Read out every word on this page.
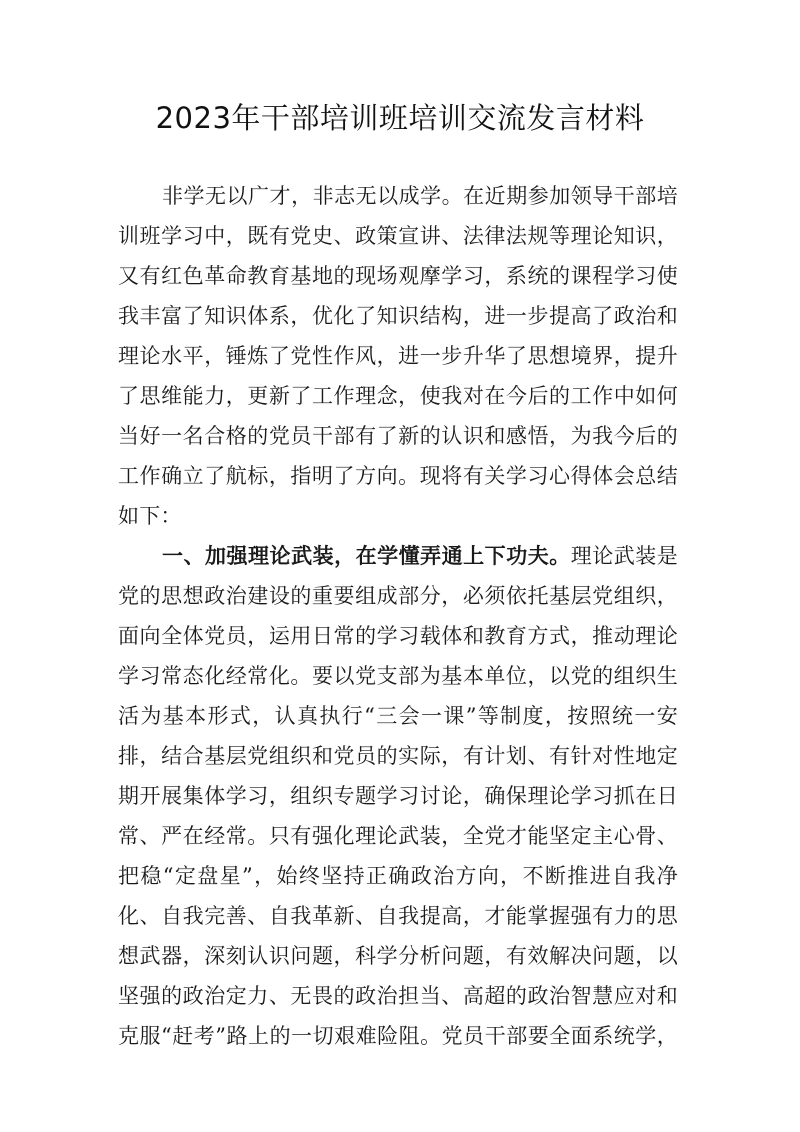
2023年干部培训班培训交流发言材料
非学无以广才，非志无以成学。在近期参加领导干部培
训班学习中，既有党史、政策宣讲、法律法规等理论知识，
又有红色革命教育基地的现场观摩学习，系统的课程学习使
我丰富了知识体系，优化了知识结构，进一步提高了政治和
理论水平，锤炼了党性作风，进一步升华了思想境界，提升
了思维能力，更新了工作理念，使我对在今后的工作中如何
当好一名合格的党员干部有了新的认识和感悟，为我今后的
工作确立了航标，指明了方向。现将有关学习心得体会总结
如下：
一、加强理论武装，在学懂弄通上下功夫。理论武装是
党的思想政治建设的重要组成部分，必须依托基层党组织，
面向全体党员，运用日常的学习载体和教育方式，推动理论
学习常态化经常化。要以党支部为基本单位，以党的组织生
活为基本形式，认真执行“三会一课”等制度，按照统一安
排，结合基层党组织和党员的实际，有计划、有针对性地定
期开展集体学习，组织专题学习讨论，确保理论学习抓在日
常、严在经常。只有强化理论武装，全党才能坚定主心骨、
把稳“定盘星”，始终坚持正确政治方向，不断推进自我净
化、自我完善、自我革新、自我提高，才能掌握强有力的思
想武器，深刻认识问题，科学分析问题，有效解决问题，以
坚强的政治定力、无畏的政治担当、高超的政治智慧应对和
克服“赶考”路上的一切艰难险阻。党员干部要全面系统学，
